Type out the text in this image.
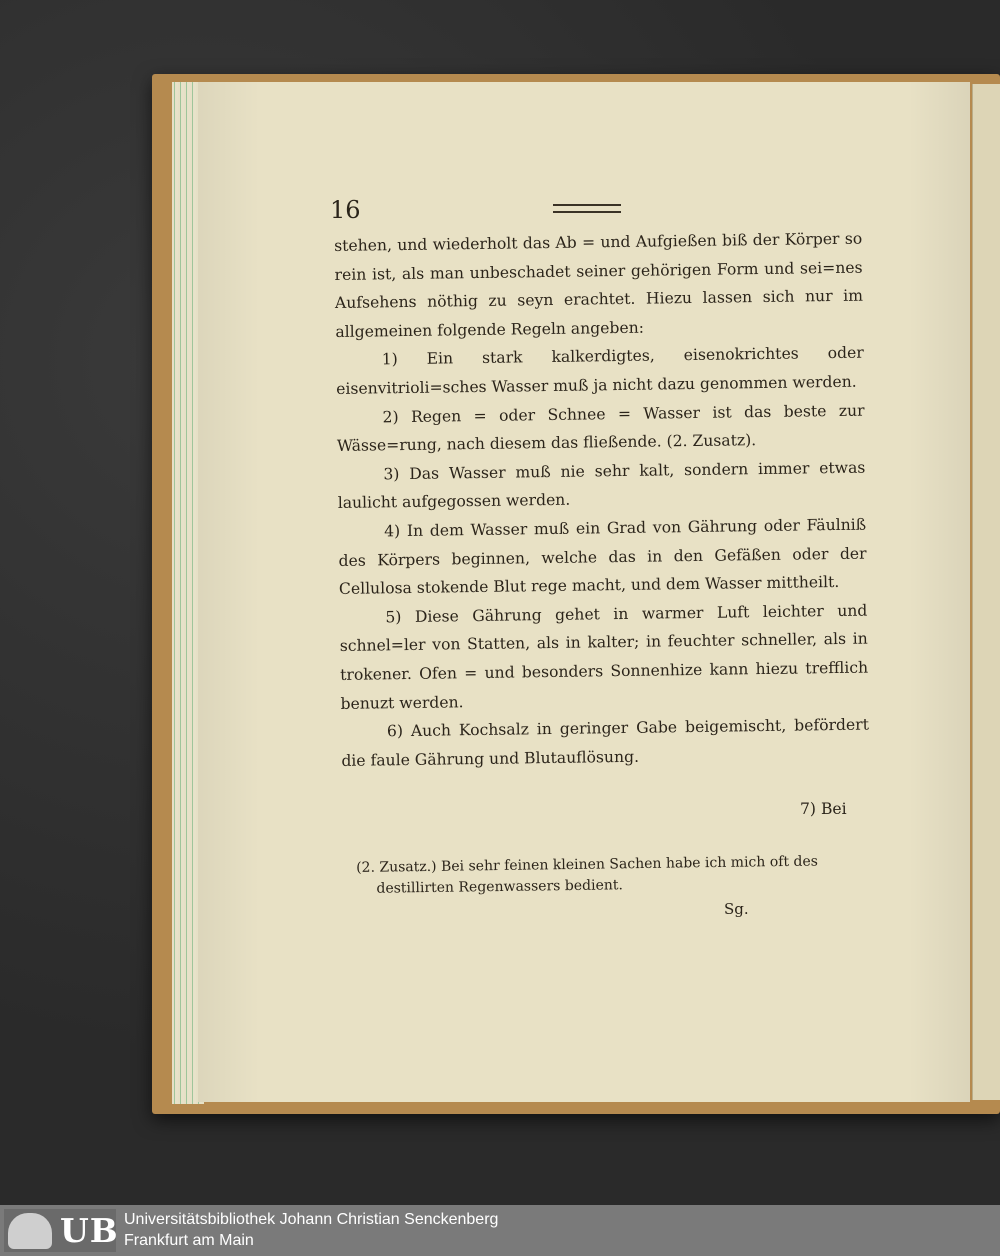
16

stehen, und wiederholt das Ab = und Aufgießen biß der Körper so rein ist, als man unbeschadet seiner gehörigen Form und sei=nes Aufsehens nöthig zu seyn erachtet. Hiezu lassen sich nur im allgemeinen folgende Regeln angeben:

1) Ein stark kalkerdigtes, eisenokrichtes oder eisenvitrioli=sches Wasser muß ja nicht dazu genommen werden.

2) Regen = oder Schnee = Wasser ist das beste zur Wässe=rung, nach diesem das fließende. (2. Zusatz).

3) Das Wasser muß nie sehr kalt, sondern immer etwas laulicht aufgegossen werden.

4) In dem Wasser muß ein Grad von Gährung oder Fäulniß des Körpers beginnen, welche das in den Gefäßen oder der Cellulosa stokende Blut rege macht, und dem Wasser mittheilt.

5) Diese Gährung gehet in warmer Luft leichter und schnel=ler von Statten, als in kalter; in feuchter schneller, als in trokener. Ofen = und besonders Sonnenhize kann hiezu trefflich benuzt werden.

6) Auch Kochsalz in geringer Gabe beigemischt, befördert die faule Gährung und Blutauflösung.

7) Bei

(2. Zusatz.) Bei sehr feinen kleinen Sachen habe ich mich oft des

destillirten Regenwassers bedient.

Sg.
UB Universitätsbibliothek Johann Christian Senckenberg
Frankfurt am Main
